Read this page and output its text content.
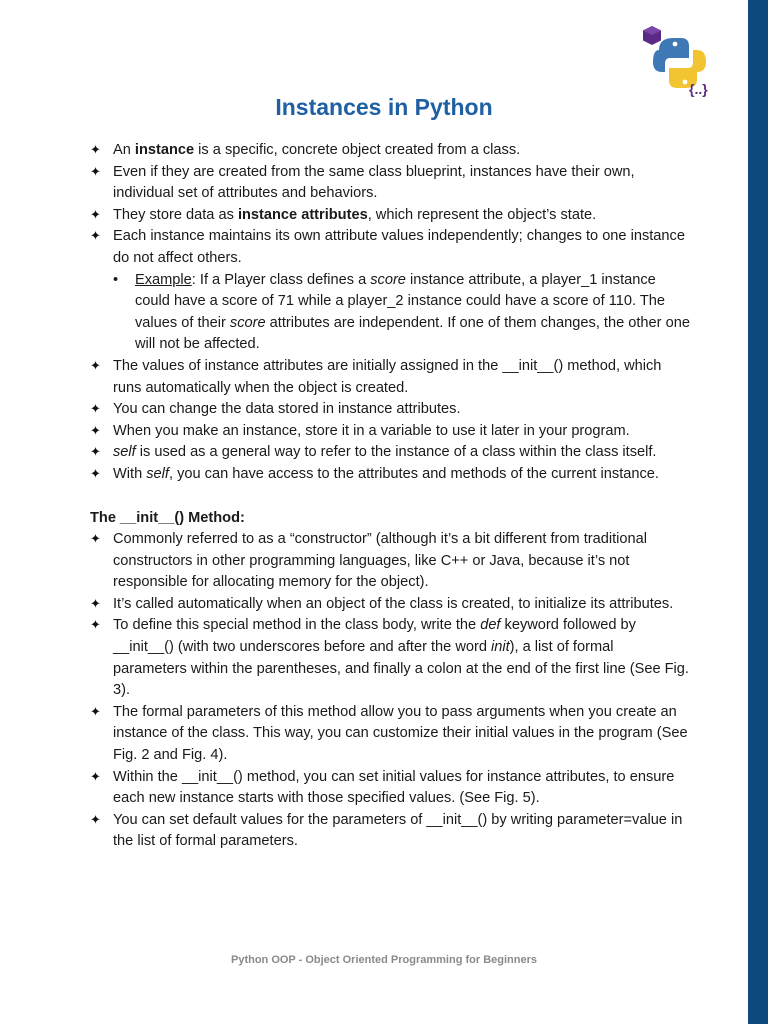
{..}
Instances in Python
✦ An instance is a specific, concrete object created from a class.
✦ Even if they are created from the same class blueprint, instances have their own, individual set of attributes and behaviors.
✦ They store data as instance attributes, which represent the object’s state.
✦ Each instance maintains its own attribute values independently; changes to one instance do not affect others.
• Example: If a Player class defines a score instance attribute, a player_1 instance could have a score of 71 while a player_2 instance could have a score of 110. The values of their score attributes are independent. If one of them changes, the other one will not be affected.
✦ The values of instance attributes are initially assigned in the __init__() method, which runs automatically when the object is created.
✦ You can change the data stored in instance attributes.
✦ When you make an instance, store it in a variable to use it later in your program.
✦ self is used as a general way to refer to the instance of a class within the class itself.
✦ With self, you can have access to the attributes and methods of the current instance.
The __init__() Method:
✦ Commonly referred to as a “constructor” (although it’s a bit different from traditional constructors in other programming languages, like C++ or Java, because it’s not responsible for allocating memory for the object).
✦ It’s called automatically when an object of the class is created, to initialize its attributes.
✦ To define this special method in the class body, write the def keyword followed by __init__() (with two underscores before and after the word init), a list of formal parameters within the parentheses, and finally a colon at the end of the first line (See Fig. 3).
✦ The formal parameters of this method allow you to pass arguments when you create an instance of the class. This way, you can customize their initial values in the program (See Fig. 2 and Fig. 4).
✦ Within the __init__() method, you can set initial values for instance attributes, to ensure each new instance starts with those specified values. (See Fig. 5).
✦ You can set default values for the parameters of __init__() by writing parameter=value in the list of formal parameters.
Python OOP - Object Oriented Programming for Beginners
